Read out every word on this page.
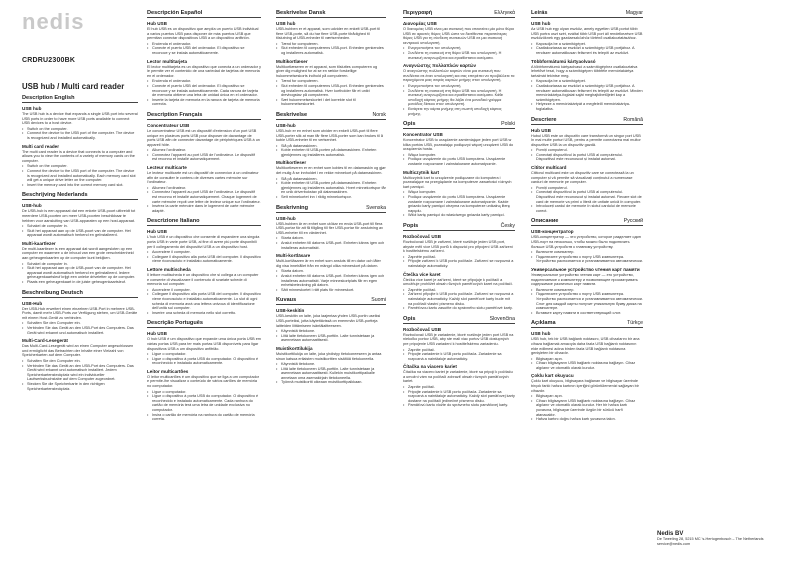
nedis
CRDRU2300BK
USB hub / Multi card reader
Description English
USB hub
The USB hub is a device that expands a single USB port into several USB ports in order to have more USB ports available to connect USB devices to a host device.
• Switch on the computer.
• Connect the device to the USB port of the computer. The device is recognized and installed automatically.
Multi card reader
The multi card reader is a device that connects to a computer and allows you to view the contents of a variety of memory cards on the computer.
• Switch on the computer.
• Connect the device to the USB port of the computer. The device is recognized and installed automatically. Each memory card slot will get a unique drive letter on the computer.
• Insert the memory card into the correct memory card slot.
Beschrijving Nederlands
USB-hub
De USB-hub is een apparaat dat een enkele USB-poort uitbreidt tot meerdere USB-poorten om meer USB-poorten beschikbaar te hebben voor aansluiting van USB-apparaten op een host-apparaat.
• Schakel de computer in.
• Sluit het apparaat aan op de USB-poort van de computer. Het apparaat wordt automatisch herkend en geïnstalleerd.
Multi-kaartlezer
De multi-kaartlezer is een apparaat dat wordt aangesloten op een computer en waarmee u de inhoud van een grote verscheidenheid aan geheugenkaarten op de computer kunt bekijken.
• Schakel de computer in.
• Sluit het apparaat aan op de USB-poort van de computer. Het apparaat wordt automatisch herkend en geïnstalleerd. Iedere geheugenkaartsleuf krijgt een unieke driveletter op de computer.
• Plaats een geheugenkaart in de juiste geheugenkaartsleuf.
Beschreibung Deutsch
USB-Hub
Der USB-Hub erweitert einen einzelnen USB-Port in mehrere USB-Ports, damit mehr USB-Ports zur Verfügung stehen, um USB-Geräte mit einem Host-Gerät zu verbinden.
• Schalten Sie den Computer ein.
• Verbinden Sie das Gerät an den USB-Port des Computers. Das Gerät wird erkannt und automatisch installiert.
Multi-Card-Lesegerät
Das Multi-Card-Lesegerät wird an einen Computer angeschlossen und ermöglicht das Betrachten der Inhalte einer Vielzahl von Speicherkarten auf dem Computer.
• Schalten Sie den Computer ein.
• Verbinden Sie das Gerät an den USB-Port des Computers. Das Gerät wird erkannt und automatisch installiert. Jedem Speicherkartensteckplatz wird ein individueller Laufwerksbuchstabe auf dem Computer zugeordnet.
• Stecken Sie die Speicherkarte in den richtigen Speicherkartensteckplatz.
Descripción Español
Hub USB
El hub USB es un dispositivo que amplía un puerto USB individual a varios puertos USB para disponer de más puertos USB que permitan conectar dispositivos USB a un dispositivo anfitrión.
• Encienda el ordenador.
• Conecte el puerto USB del ordenador. El dispositivo se reconoce y se instala automáticamente.
Lector multitarjeta
El lector multitarjeta es un dispositivo que conecta a un ordenador y le permite ver el contenido de una variedad de tarjetas de memoria en el ordenador.
• Encienda el ordenador.
• Conecte el puerto USB del ordenador. El dispositivo se reconoce y se instala automáticamente. Cada ranura de tarjeta de memoria obtiene una letra de unidad única en el ordenador.
• Inserte la tarjeta de memoria en la ranura de tarjeta de memoria correcta.
Description Français
Concentrateur USB
Le concentrateur USB est un dispositif d'extension d'un port USB unique en plusieurs ports USB pour disposer de davantage de ports USB afin de connecter davantage de périphériques USB à un appareil hôte.
• Allumez l'ordinateur.
• Connectez l'appareil au port USB de l'ordinateur. Le dispositif est reconnu et installé automatiquement.
Lecteur multicarte
Le lecteur multicarte est un dispositif de connexion à un ordinateur afin de consulter le contenu de diverses cartes mémoire sur l'ordinateur.
• Allumez l'ordinateur.
• Connectez l'appareil au port USB de l'ordinateur. Le dispositif est reconnu et installé automatiquement. Chaque logement de carte mémoire reçoit une lettre de lecteur unique sur l'ordinateur.
• Insérez la carte mémoire dans le logement de carte mémoire adapté.
Descrizione Italiano
Hub USB
L'hub USB è un dispositivo che consente di espandere una singola porta USB in varie porte USB, al fine di avere più porte disponibili per il collegamento dei dispositivi USB a un dispositivo host.
• Accendere il computer.
• Collegare il dispositivo alla porta USB del computer. Il dispositivo viene riconosciuto e installato automaticamente.
Lettore multischeda
Il lettore multischeda è un dispositivo che si collega a un computer e consente di visualizzare il contenuto di svariate schede di memoria sul computer.
• Accendere il computer.
• Collegare il dispositivo alla porta USB del computer. Il dispositivo viene riconosciuto e installato automaticamente. Lo slot di ogni scheda di memoria avrà una lettera univoca di identificazione dell'unità sul computer.
• Inserire una scheda di memoria nello slot corretto.
Descrição Português
Hub USB
O hub USB é um dispositivo que expande uma única porta USB em várias portas USB para ter mais portas USB disponíveis para ligar dispositivos USB a um dispositivo anfitrião.
• Ligue o computador.
• Ligue o dispositivo à porta USB do computador. O dispositivo é reconhecido e instalado automaticamente.
Leitor multicartões
O leitor multicartões é um dispositivo que se liga a um computador e permite-lhe visualizar o conteúdo de vários cartões de memória no computador.
• Ligue o computador.
• Ligue o dispositivo à porta USB do computador. O dispositivo é reconhecido e instalado automaticamente. Cada ranhura do cartão de memória terá uma letra de unidade exclusiva no computador.
• Insira o cartão de memória na ranhura do cartão de memória correta.
Beskrivelse Dansk
USB hub
USB-hubben er et apparat, som udvider en enkelt USB-port til flere USB-porte, så du har flere USB-porte tilrådighed til tilslutning af USB-enheder til værtsenheden.
• Tænd for computeren.
• Slut enheden til computerens USB-port. Enheden genkendes og installeres automatisk.
Multikortlæser
Multikortlæseren er et apparat, som tilsluttes computeren og giver dig mulighed for at se en række forskellige hukommelseskorts indhold på computeren.
• Tænd for computeren.
• Slut enheden til computerens USB-port. Enheden genkendes og installeres automatisk. Hver kortholder får et unikt drevbogstav på computeren.
• Sæt hukommelseskortet i det korrekte slot til hukommelseskortet.
Beskrivelse	Norsk
USB-hub
USB-hub er en enhet som utvider en enkelt USB-port til flere USB-porter slik at man får flere USB-porter som kan brukes til å koble USB-enheter til en vertsenhet.
• Slå på datamaskinen.
• Koble enheten til USB-porten på datamaskinen. Enheten gjenkjennes og installeres automatisk.
Multikortleser
Multikortleseren er en enhet som kobles til en datamaskin og gjør det mulig å se innholdet i en rekke minnekort på datamaskinen.
• Slå på datamaskinen.
• Koble enheten til USB-porten på datamaskinen. Enheten gjenkjennes og installeres automatisk. Hvert minnekortspor får en unik driverbokstav på datamaskinen.
• Sett minnekortet inn i riktig minnekortspor.
Beskrivning	Svenska
USB-hub
USB-hubben är en enhet som utökar en enda USB-port till flera USB-portar för att få tillgång till fler USB-portar för anslutning av USB-enheter till en värdenhet.
• Starta datorn.
• Anslut enheten till datorns USB-port. Enheten känns igen och installeras automatiskt.
Multi-kortläsare
Multi-kortläsaren är en enhet som ansluts till en dator och låter dig visa innehållet från en mängd olika minneskort på datorn.
• Starta datorn.
• Anslut enheten till datorns USB-port. Enheten känns igen och installeras automatiskt. Varje minneskortplats får en egen enhetsbeteckning på datorn.
• Sätt minneskortet i rätt plats för minneskort.
Kuvaus	Suomi
USB-keskitin
USB-keskitin on laite, joka laajentaa yhden USB-portin useiksi USB-porteiksi, jotta käytettävissä on enemmän USB-portteja laitteiden liittämiseen isäntälaitteeseen.
• Käynnistä tietokone.
• Liitä laite tietokoneen USB-porttiin. Laite tunnistetaan ja asennetaan automaattisesti.
Muistikorttilukija
Muistikorttilukija on laite, joka yhdistyy tietokoneeseen ja antaa sinun katsoa erilaisten muistikorttien sisältöä tietokoneella.
• Käynnistä tietokone.
• Liitä laite tietokoneen USB-porttiin. Laite tunnistetaan ja asennetaan automaattisesti. Kullekin muistikorttipaikalle annetaan oma asemakirjain tietokoneella.
• Työnnä muistikortti oikeaan muistikorttipaikkaan.
Περιγραφή	Ελληνικά
Διανομέας USB
Ο διανομέας USB είναι μια συσκευή που επεκτείνει μία μόνο θύρα USB σε αρκετές θύρες USB ώστε να διατίθενται περισσότερες θύρες USB για τη σύνδεση συσκευών USB σε μια συσκευή κεντρικού υπολογιστή.
• Ενεργοποιήστε τον υπολογιστή.
• Συνδέστε τη συσκευή στη θύρα USB του υπολογιστή. Η συσκευή αναγνωρίζεται και εγκαθίσταται αυτόματα.
Αναγνώστης πολλαπλών καρτών
Ο αναγνώστης πολλαπλών καρτών είναι μια συσκευή που συνδέεται σε έναν υπολογιστή και σας επιτρέπει να προβάλλετε τα περιεχόμενα μιας σειράς καρτών μνήμης στον υπολογιστή.
• Ενεργοποιήστε τον υπολογιστή.
• Συνδέστε τη συσκευή στη θύρα USB του υπολογιστή. Η συσκευή αναγνωρίζεται και εγκαθίσταται αυτόματα. Κάθε υποδοχή κάρτας μνήμης θα λάβει ένα μοναδικό γράμμα μονάδας δίσκου στον υπολογιστή.
• Εισάγετε την κάρτα μνήμης στη σωστή υποδοχή κάρτας μνήμης.
Opis	Polski
Koncentrator USB
Koncentrator USB to urządzenie zamieniające jeden port USB w kilka portów USB, pozwalając podłączyć więcej urządzeń USB do urządzenia hosta.
• Włącz komputer.
• Podłącz urządzenie do portu USB komputera. Urządzenie zostanie rozpoznane i zainstalowane automatycznie.
Multiczytnik kart
Multiczytnik kart to urządzenie podłączane do komputera i pozwalające na przeglądanie na komputerze zawartości różnych kart pamięci.
• Włącz komputer.
• Podłącz urządzenie do portu USB komputera. Urządzenie zostanie rozpoznane i zainstalowane automatycznie. Każde gniazdo karty pamięci otrzyma na komputerze unikalną literę napędu.
• Włóż kartę pamięci do właściwego gniazda karty pamięci.
Popis	Česky
Rozbočovač USB
Rozbočovač USB je zařízení, které rozšiřuje jeden USB port, abyste měli více USB portů k dispozici pro připojení USB zařízení k hostitelskému zařízení.
• Zapněte počítač.
• Připojte zařízení k USB portu počítače. Zařízení se rozpozná a nainstaluje automaticky.
Čtečka více karet
Čtečka více karet je zařízení, které se připojuje k počítači a umožňuje prohlížet obsah různých paměťových karet na počítači.
• Zapněte počítač.
• Zařízení připojte k USB portu počítače. Zařízení se rozpozná a nainstaluje automaticky. Každý slot paměťové karty bude mít na počítači vlastní písmeno disku.
• Paměťovou kartu zasuňte do správného slotu paměťové karty.
Opis	Slovenčina
Rozbočovač USB
Rozbočovač USB je zariadenie, ktoré rozširuje jeden port USB na niekoľko portov USB, aby ste mali viac portov USB dostupných pre pripojenie USB zariadení k hostiteľskému zariadeniu.
• Zapnite počítač.
• Pripojte zariadenie k USB portu počítača. Zariadenie sa rozpozná a nainštaluje automaticky.
Čítačka na viacero kariet
Čítačka na viacero kariet je zariadenie, ktoré sa pripojí k počítaču a umožní vám na počítači zobraziť obsah rôznych pamäťových kariet.
• Zapnite počítač.
• Pripojte zariadenie k USB portu počítača. Zariadenie sa rozpozná a nainštaluje automaticky. Každý slot pamäťovej karty dostane na počítači jedinečné písmeno disku.
• Pamäťovú kartu vložte do správneho slotu pamäťovej karty.
Leírás	Magyar
USB hub
Az USB hub egy olyan eszköz, amely egyetlen USB portot több USB portra oszt szét, ezáltal több USB port áll rendelkezésre USB eszközöknek egy gazdaeszközhöz történő csatlakoztatásához.
• Kapcsolja be a számítógépet.
• Csatlakoztassa az eszközt a számítógép USB portjához. A rendszer automatikusan felismeri és telepíti az eszközt.
Többformátumú kártyaolvasó
A többformátumú kártyaolvasó a számítógéphez csatlakoztatva lehetővé teszi, hogy a számítógépen többféle memóriakártya tartalmát tekintse meg.
• Kapcsolja be a számítógépet.
• Csatlakoztassa az eszközt a számítógép USB portjához. A rendszer automatikusan felismeri és telepíti az eszközt. Minden memóriakártya-foglalat saját meghajtóbetűjelet kap a számítógépen.
• Helyezze a memóriakártyát a megfelelő memóriakártya-foglalatba.
Descriere	Română
Hub USB
Hubul USB este un dispozitiv care transformă un singur port USB în mai multe porturi USB, pentru a permite conectarea mai multor dispozitive USB la un dispozitiv gazdă.
• Porniți computerul.
• Conectați dispozitivul la portul USB al computerului. Dispozitivul este recunoscut și instalat automat.
Cititor multicard
Cititorul multicard este un dispozitiv care se conectează la un computer și vă permite să vizualizați conținutul a numeroase carduri de memorie pe computer.
• Porniți computerul.
• Conectați dispozitivul la portul USB al computerului. Dispozitivul este recunoscut și instalat automat. Fiecare slot de card de memorie va primi o literă de unitate unică în computer.
• Introduceți cardul de memorie în slotul cardului de memorie corect.
Описание	Русский
USB-концентратор
USB-концентратор — это устройство, которое разделяет один USB-порт на несколько, чтобы можно было подключить больше USB-устройств к главному устройству.
• Включите компьютер.
• Подключите устройство к порту USB компьютера. Устройство распознается и устанавливается автоматически.
Универсальное устройство чтения карт памяти
Универсальное устройство чтения карт — это устройство, подключаемое к компьютеру и позволяющее просматривать содержимое различных карт памяти.
• Включите компьютер.
• Подключите устройство к порту USB компьютера. Устройство распознается и устанавливается автоматически. Слот для каждой карты получит уникальную букву диска на компьютере.
• Вставьте карту памяти в соответствующий слот.
Açıklama	Türkçe
USB hub
USB hub, tek bir USB bağlantı noktasını, USB cihazlarını bir ana cihaza bağlamak amacıyla daha fazla USB bağlantı noktasının elde edilmesi adına birden fazla USB bağlantı noktasına genişleten bir cihazdır.
• Bilgisayarı açın.
• Cihazı bilgisayarın USB bağlantı noktasına bağlayın. Cihaz algılanır ve otomatik olarak kurulur.
Çoklu kart okuyucu
Çoklu kart okuyucu, bilgisayara bağlanan ve bilgisayar üzerinde birçok farklı hafıza kartının içeriğini görüntülemenizi sağlayan bir cihazdır.
• Bilgisayarı açın.
• Cihazı bilgisayarın USB bağlantı noktasına bağlayın. Cihaz algılanır ve otomatik olarak kurulur. Her bir hafıza kartı yuvasına, bilgisayar üzerinde özgün bir sürücü harfi atanacaktır.
• Hafıza kartını doğru hafıza kartı yuvasına takın.
Nedis BV
De Tweeling 28, 5215 MC 's-Hertogenbosch – The Netherlands
service@nedis.com
